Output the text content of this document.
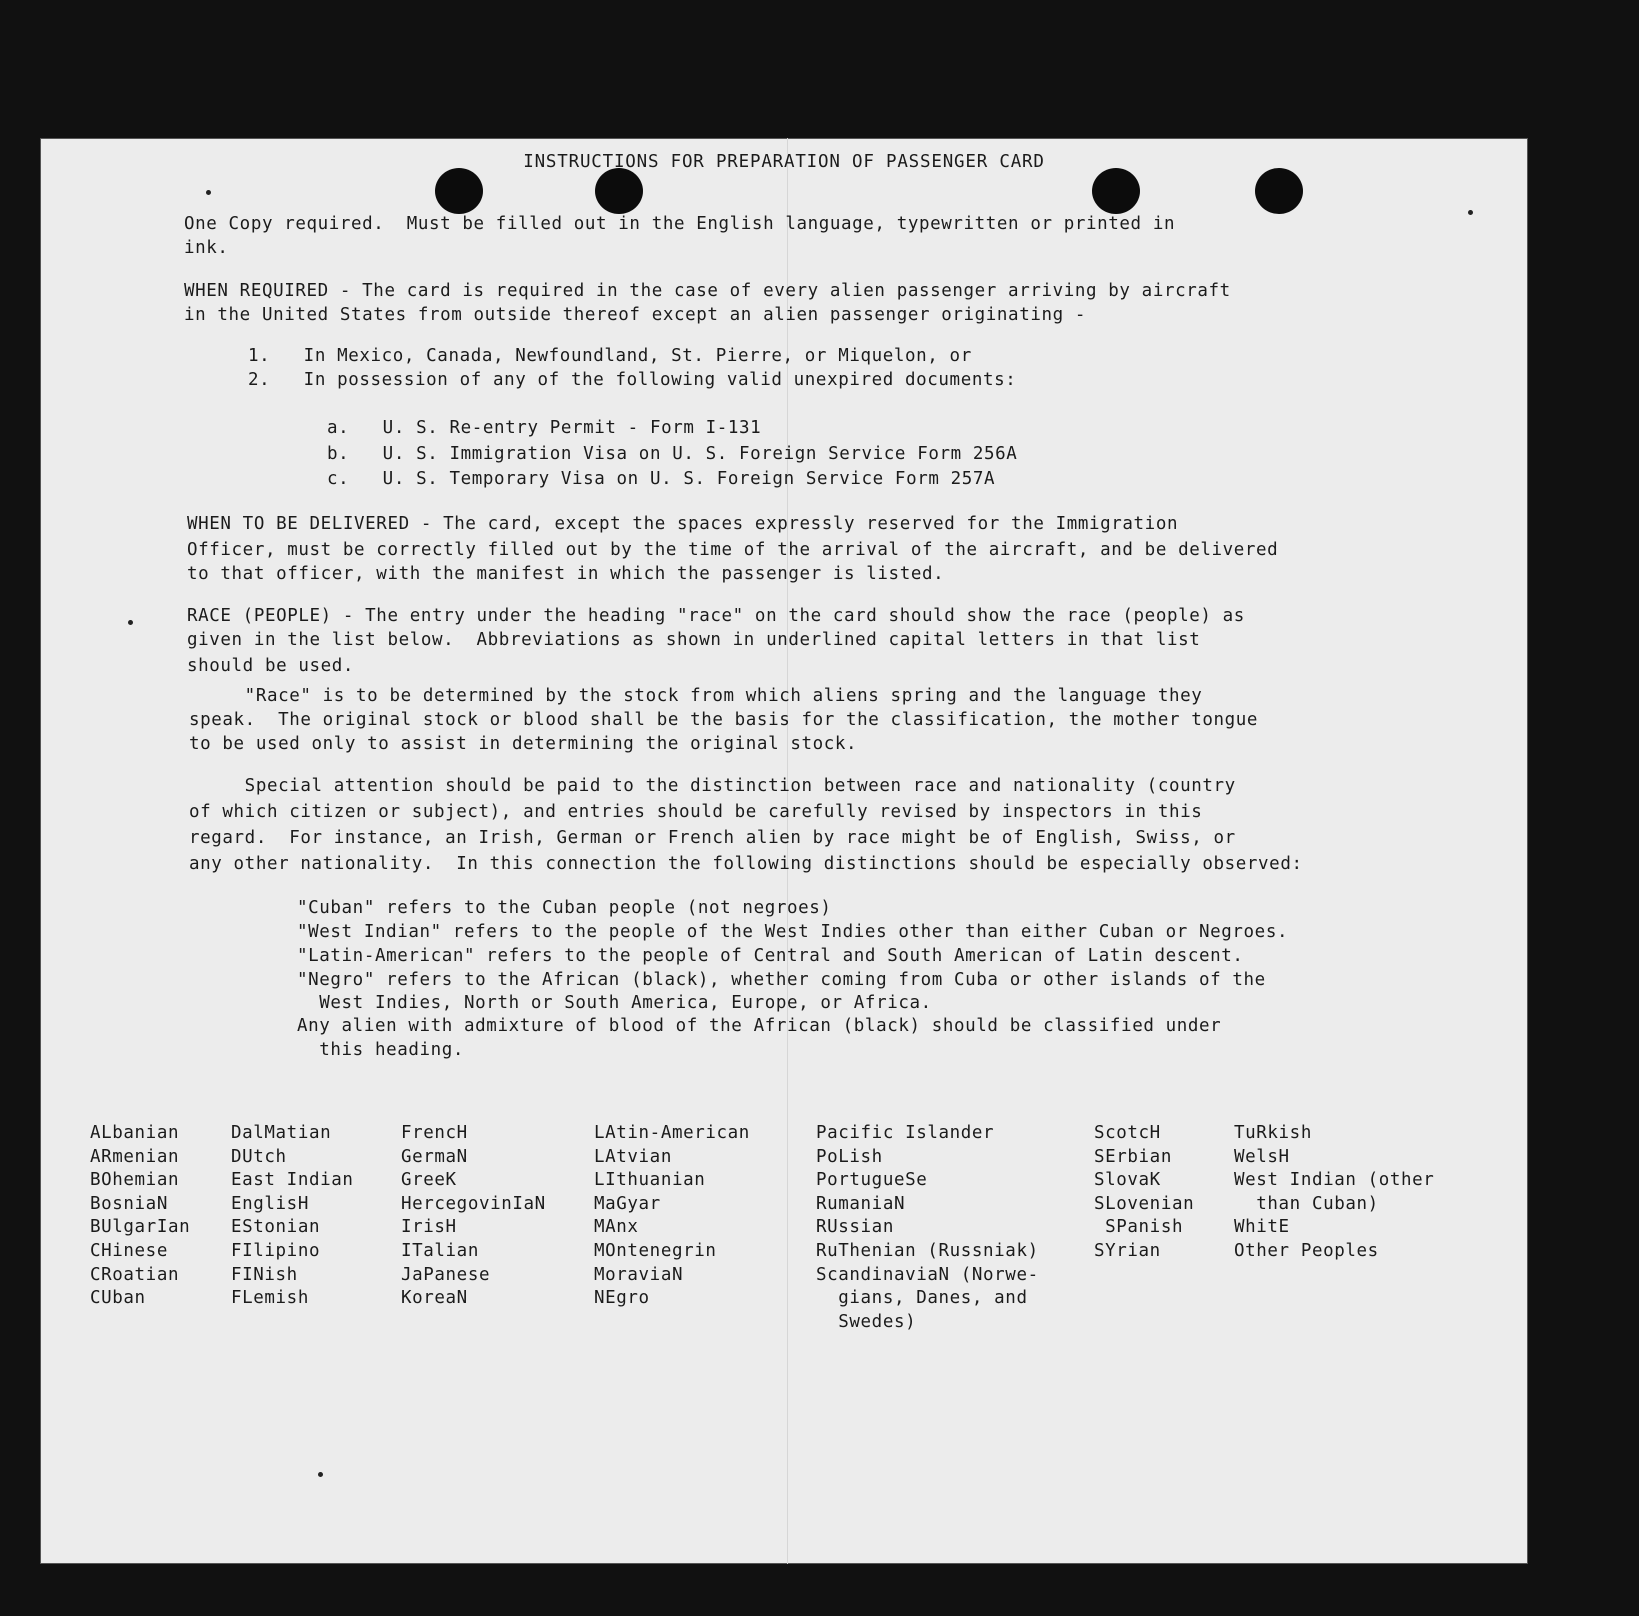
INSTRUCTIONS FOR PREPARATION OF PASSENGER CARD
One Copy required.  Must be filled out in the English language, typewritten or printed in
ink.
WHEN REQUIRED - The card is required in the case of every alien passenger arriving by aircraft
in the United States from outside thereof except an alien passenger originating -
1.   In Mexico, Canada, Newfoundland, St. Pierre, or Miquelon, or
2.   In possession of any of the following valid unexpired documents:
a.   U. S. Re-entry Permit - Form I-131
b.   U. S. Immigration Visa on U. S. Foreign Service Form 256A
c.   U. S. Temporary Visa on U. S. Foreign Service Form 257A
WHEN TO BE DELIVERED - The card, except the spaces expressly reserved for the Immigration
Officer, must be correctly filled out by the time of the arrival of the aircraft, and be delivered
to that officer, with the manifest in which the passenger is listed.
RACE (PEOPLE) - The entry under the heading "race" on the card should show the race (people) as
given in the list below.  Abbreviations as shown in underlined capital letters in that list
should be used.
"Race" is to be determined by the stock from which aliens spring and the language they
speak.  The original stock or blood shall be the basis for the classification, the mother tongue
to be used only to assist in determining the original stock.
Special attention should be paid to the distinction between race and nationality (country
of which citizen or subject), and entries should be carefully revised by inspectors in this
regard.  For instance, an Irish, German or French alien by race might be of English, Swiss, or
any other nationality.  In this connection the following distinctions should be especially observed:
"Cuban" refers to the Cuban people (not negroes)
"West Indian" refers to the people of the West Indies other than either Cuban or Negroes.
"Latin-American" refers to the people of Central and South American of Latin descent.
"Negro" refers to the African (black), whether coming from Cuba or other islands of the
West Indies, North or South America, Europe, or Africa.
Any alien with admixture of blood of the African (black) should be classified under
this heading.
ALbanian
ARmenian
BOhemian
BosniaN
BUlgarIan
CHinese
CRoatian
CUban
DalMatian
DUtch
East Indian
EnglisH
EStonian
FIlipino
FINish
FLemish
FrencH
GermaN
GreeK
HercegovinIaN
IrisH
ITalian
JaPanese
KoreaN
LAtin-American
LAtvian
LIthuanian
MaGyar
MAnx
MOntenegrin
MoraviaN
NEgro
Pacific Islander
PoLish
PortugueSe
RumaniaN
RUssian
RuThenian (Russniak)
ScandinaviaN (Norwe-
gians, Danes, and
Swedes)
ScotcH
SErbian
SlovaK
SLovenian
SPanish
SYrian
TuRkish
WelsH
West Indian (other
than Cuban)
WhitE
Other Peoples
